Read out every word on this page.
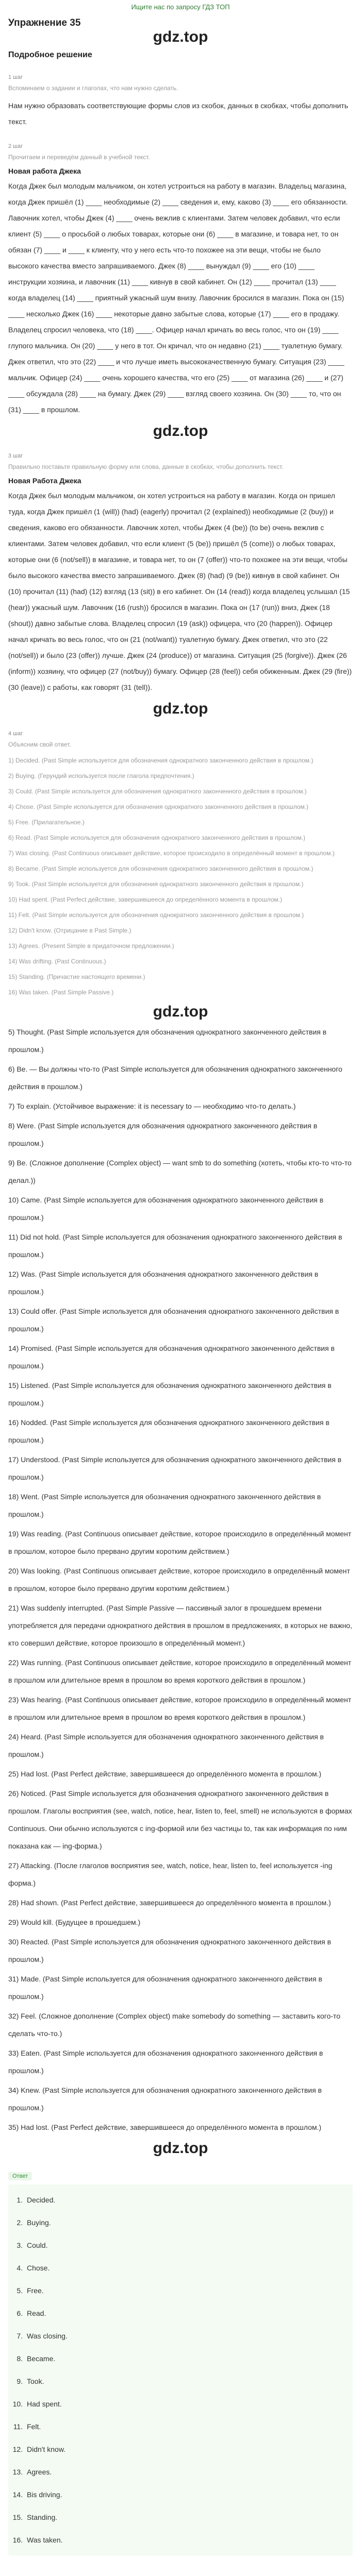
Ищите нас по запросу ГДЗ ТОП
Упражнение 35
gdz.top
Подробное решение
1 шаг
Вспоминаем о задании и глаголах, что нам нужно сделать.

Нам нужно образовать соответствующие формы слов из скобок, данных в скобках, чтобы дополнить текст.

2 шаг
Прочитаем и переведём данный в учебной текст.
Новая работа Джека

Когда Джек был молодым мальчиком, он хотел устроиться на работу в магазин. Владельц магазина, когда Джек пришёл (1) ____ необходимые (2) ____ сведения и, ему, каково (3) ____ его обязанности. Лавочник хотел, чтобы Джек (4) ____ очень вежлив с клиентами. Затем человек добавил, что если клиент (5) ____ о просьбой о любых товарах, которые они (6) ____ в магазине, и товара нет, то он обязан (7) ____ и ____ к клиенту, что у него есть что-то похожее на эти вещи, чтобы не было высокого качества вместо запрашиваемого. Джек (8) ____ вынуждал (9) ____ его (10) ____ инструкции хозяина, и лавочник (11) ____ кивнув в свой кабинет. Он (12) ____ прочитал (13) ____ когда владелец (14) ____ приятный ужасный шум внизу. Лавочник бросился в магазин. Пока он (15) ____ несколько Джек (16) ____ некоторые давно забытые слова, которые (17) ____ его в продажу. Владелец спросил человека, что (18) ____. Офицер начал кричать во весь голос, что он (19) ____ глупого мальчика. Он (20) ____ у него в тот. Он кричал, что он недавно (21) ____ туалетную бумагу. Джек ответил, что это (22) ____ и что лучше иметь высококачественную бумагу. Ситуация (23) ____ мальчик. Офицер (24) ____ очень хорошего качества, что его (25) ____ от магазина (26) ____ и (27) ____ обсуждала (28) ____ на бумагу. Джек (29) ____ взгляд своего хозяина. Он (30) ____ то, что он (31) ____ в прошлом.

gdz.top
3 шаг
Правильно поставьте правильную форму или слова, данные в скобках, чтобы дополнить текст.
Новая Работа Джека

Когда Джек был молодым мальчиком, он хотел устроиться на работу в магазин. Когда он пришел туда, когда Джек пришёл (1 (will)) (had) (eagerly) прочитал (2 (explained)) необходимые (2 (buy)) и сведения, каково его обязанности. Лавочник хотел, чтобы Джек (4 (be)) (to be) очень вежлив с клиентами. Затем человек добавил, что если клиент (5 (be)) пришёл (5 (come)) о любых товарах, которые они (6 (not/sell)) в магазине, и товара нет, то он (7 (offer)) что-то похожее на эти вещи, чтобы было высокого качества вместо запрашиваемого. Джек (8) (had) (9 (be)) кивнув в свой кабинет. Он (10) прочитал (11) (had) (12) взгляд (13 (sit)) в его кабинет. Он (14 (read)) когда владелец услышал (15 (hear)) ужасный шум. Лавочник (16 (rush)) бросился в магазин. Пока он (17 (run)) вниз, Джек (18 (shout)) давно забытые слова. Владелец спросил (19 (ask)) офицера, что (20 (happen)). Офицер начал кричать во весь голос, что он (21 (not/want)) туалетную бумагу. Джек ответил, что это (22 (not/sell)) и было (23 (offer)) лучше. Джек (24 (produce)) от магазина. Ситуация (25 (forgive)). Джек (26 (inform)) хозяину, что офицер (27 (not/buy)) бумагу. Офицер (28 (feel)) себя обиженным. Джек (29 (fire)) (30 (leave)) с работы, как говорят (31 (tell)).

gdz.top
4 шаг
Объясним свой ответ.

1) Decided. (Past Simple используется для обозначения однократного законченного действия в прошлом.)

2) Buying. (Герундий используется после глагола предпочтения.)

3) Could. (Past Simple используется для обозначения однократного законченного действия в прошлом.)

4) Chose. (Past Simple используется для обозначения однократного законченного действия в прошлом.)

5) Free. (Прилагательное.)

6) Read. (Past Simple используется для обозначения однократного законченного действия в прошлом.)

7) Was closing. (Past Continuous описывает действие, которое происходило в определённый момент в прошлом.)

8) Became. (Past Simple используется для обозначения однократного законченного действия в прошлом.)

9) Took. (Past Simple используется для обозначения однократного законченного действия в прошлом.)

10) Had spent. (Past Perfect действие, завершившееся до определённого момента в прошлом.)

11) Felt. (Past Simple используется для обозначения однократного законченного действия в прошлом.)

12) Didn't know. (Отрицание в Past Simple.)

13) Agrees. (Present Simple в придаточном предложении.)

14) Was drifting. (Past Continuous.)

15) Standing. (Причастие настоящего времени.)

16) Was taken. (Past Simple Passive.)

gdz.top

5) Thought. (Past Simple используется для обозначения однократного законченного действия в прошлом.)

6) Be. — Вы должны что-то (Past Simple используется для обозначения однократного законченного действия в прошлом.)

7) To explain. (Устойчивое выражение: it is necessary to — необходимо что-то делать.)

8) Were. (Past Simple используется для обозначения однократного законченного действия в прошлом.)

9) Be. (Сложное дополнение (Complex object) — want smb to do something (хотеть, чтобы кто-то что-то делал.))

10) Came. (Past Simple используется для обозначения однократного законченного действия в прошлом.)

11) Did not hold. (Past Simple используется для обозначения однократного законченного действия в прошлом.)

12) Was. (Past Simple используется для обозначения однократного законченного действия в прошлом.)

13) Could offer. (Past Simple используется для обозначения однократного законченного действия в прошлом.)

14) Promised. (Past Simple используется для обозначения однократного законченного действия в прошлом.)

15) Listened. (Past Simple используется для обозначения однократного законченного действия в прошлом.)

16) Nodded. (Past Simple используется для обозначения однократного законченного действия в прошлом.)

17) Understood. (Past Simple используется для обозначения однократного законченного действия в прошлом.)

18) Went. (Past Simple используется для обозначения однократного законченного действия в прошлом.)

19) Was reading. (Past Continuous описывает действие, которое происходило в определённый момент в прошлом, которое было прервано другим коротким действием.)

20) Was looking. (Past Continuous описывает действие, которое происходило в определённый момент в прошлом, которое было прервано другим коротким действием.)

21) Was suddenly interrupted. (Past Simple Passive — пассивный залог в прошедшем времени употребляется для передачи однократного действия в прошлом в предложениях, в которых не важно, кто совершил действие, которое произошло в определённый момент.)

22) Was running. (Past Continuous описывает действие, которое происходило в определённый момент в прошлом или длительное время в прошлом во время короткого действия в прошлом.)

23) Was hearing. (Past Continuous описывает действие, которое происходило в определённый момент в прошлом или длительное время в прошлом во время короткого действия в прошлом.)

24) Heard. (Past Simple используется для обозначения однократного законченного действия в прошлом.)

25) Had lost. (Past Perfect действие, завершившееся до определённого момента в прошлом.)

26) Noticed. (Past Simple используется для обозначения однократного законченного действия в прошлом. Глаголы восприятия (see, watch, notice, hear, listen to, feel, smell) не используются в формах Continuous. Они обычно используются с ing-формой или без частицы to, так как информация по ним показана как — ing-форма.)

27) Attacking. (После глаголов восприятия see, watch, notice, hear, listen to, feel используется -ing форма.)

28) Had shown. (Past Perfect действие, завершившееся до определённого момента в прошлом.)

29) Would kill. (Будущее в прошедшем.)

30) Reacted. (Past Simple используется для обозначения однократного законченного действия в прошлом.)

31) Made. (Past Simple используется для обозначения однократного законченного действия в прошлом.)

32) Feel. (Сложное дополнение (Complex object) make somebody do something — заставить кого-то сделать что-то.)

33) Eaten. (Past Simple используется для обозначения однократного законченного действия в прошлом.)

34) Knew. (Past Simple используется для обозначения однократного законченного действия в прошлом.)

35) Had lost. (Past Perfect действие, завершившееся до определённого момента в прошлом.)

gdz.top
Ответ
1. Decided.
2. Buying.
3. Could.
4. Chose.
5. Free.
6. Read.
7. Was closing.
8. Became.
9. Took.
10. Had spent.
11. Felt.
12. Didn't know.
13. Agrees.
14. Bis driving.
15. Standing.
16. Was taken.
